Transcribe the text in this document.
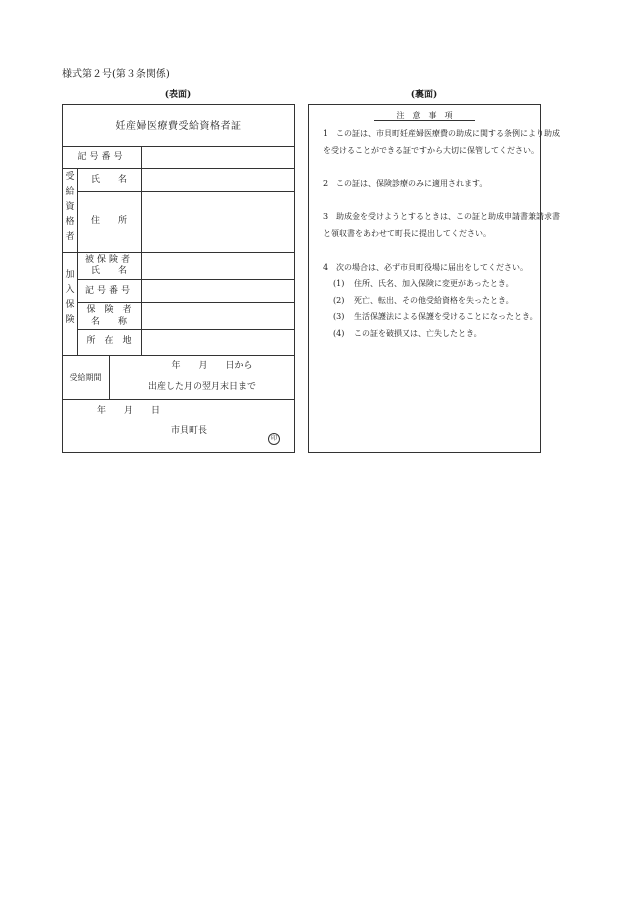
様式第２号(第３条関係)
(表面)	(裏面)
妊産婦医療費受給資格者証
記号番号
受給資格者
氏　　名
住　　所
加入保険
被保険者
氏　　名
記号番号
保　険　者
名　　称
所　在　地
受給期間
年　　月　　日から
出産した月の翌月末日まで
年　　月　　日
市貝町長
印
注　意　事　項
1 この証は、市貝町妊産婦医療費の助成に関する条例により助成
を受けることができる証ですから大切に保管してください。
2 この証は、保険診療のみに適用されます。
3 助成金を受けようとするときは、この証と助成申請書兼請求書
と領収書をあわせて町長に提出してください。
4 次の場合は、必ず市貝町役場に届出をしてください。
(1) 住所、氏名、加入保険に変更があったとき。
(2) 死亡、転出、その他受給資格を失ったとき。
(3) 生活保護法による保護を受けることになったとき。
(4) この証を破損又は、亡失したとき。
